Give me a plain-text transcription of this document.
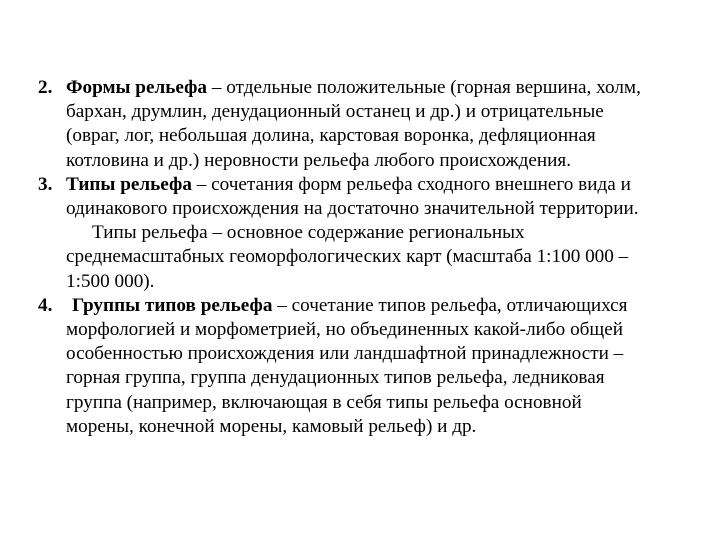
2. Формы рельефа – отдельные положительные (горная вершина, холм,
бархан, друмлин, денудационный останец и др.) и отрицательные
(овраг, лог, небольшая долина, карстовая воронка, дефляционная
котловина и др.) неровности рельефа любого происхождения.
3. Типы рельефа – сочетания форм рельефа сходного внешнего вида и
одинакового происхождения на достаточно значительной территории.
Типы рельефа – основное содержание региональных
среднемасштабных геоморфологических карт (масштаба 1:100 000 –
1:500 000).
4.	Группы типов рельефа – сочетание типов рельефа, отличающихся
морфологией и морфометрией, но объединенных какой-либо общей
особенностью происхождения или ландшафтной принадлежности –
горная группа, группа денудационных типов рельефа, ледниковая
группа (например, включающая в себя типы рельефа основной
морены, конечной морены, камовый рельеф) и др.
